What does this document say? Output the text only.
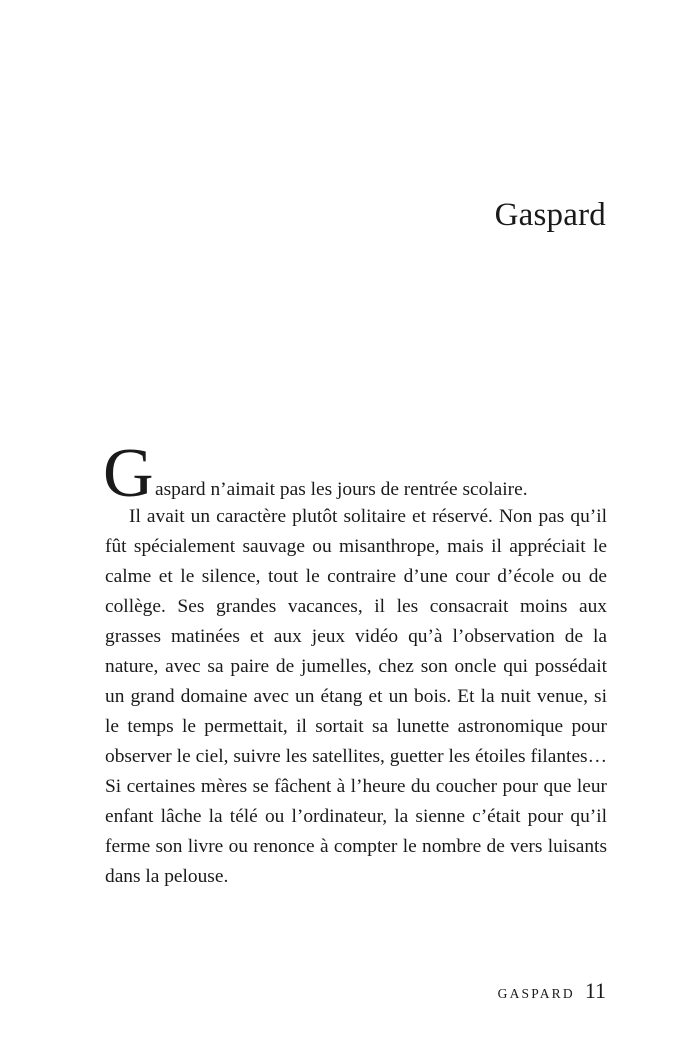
Gaspard
G aspard n’aimait pas les jours de rentrée scolaire.

Il avait un caractère plutôt solitaire et réservé. Non pas qu’il fût spécialement sauvage ou misanthrope, mais il appréciait le calme et le silence, tout le contraire d’une cour d’école ou de collège. Ses grandes vacances, il les consacrait moins aux grasses matinées et aux jeux vidéo qu’à l’observation de la nature, avec sa paire de jumelles, chez son oncle qui possédait un grand domaine avec un étang et un bois. Et la nuit venue, si le temps le permettait, il sortait sa lunette astronomique pour observer le ciel, suivre les satellites, guetter les étoiles filantes… Si certaines mères se fâchent à l’heure du coucher pour que leur enfant lâche la télé ou l’ordinateur, la sienne c’était pour qu’il ferme son livre ou renonce à compter le nombre de vers luisants dans la pelouse.

GASPARD 11
